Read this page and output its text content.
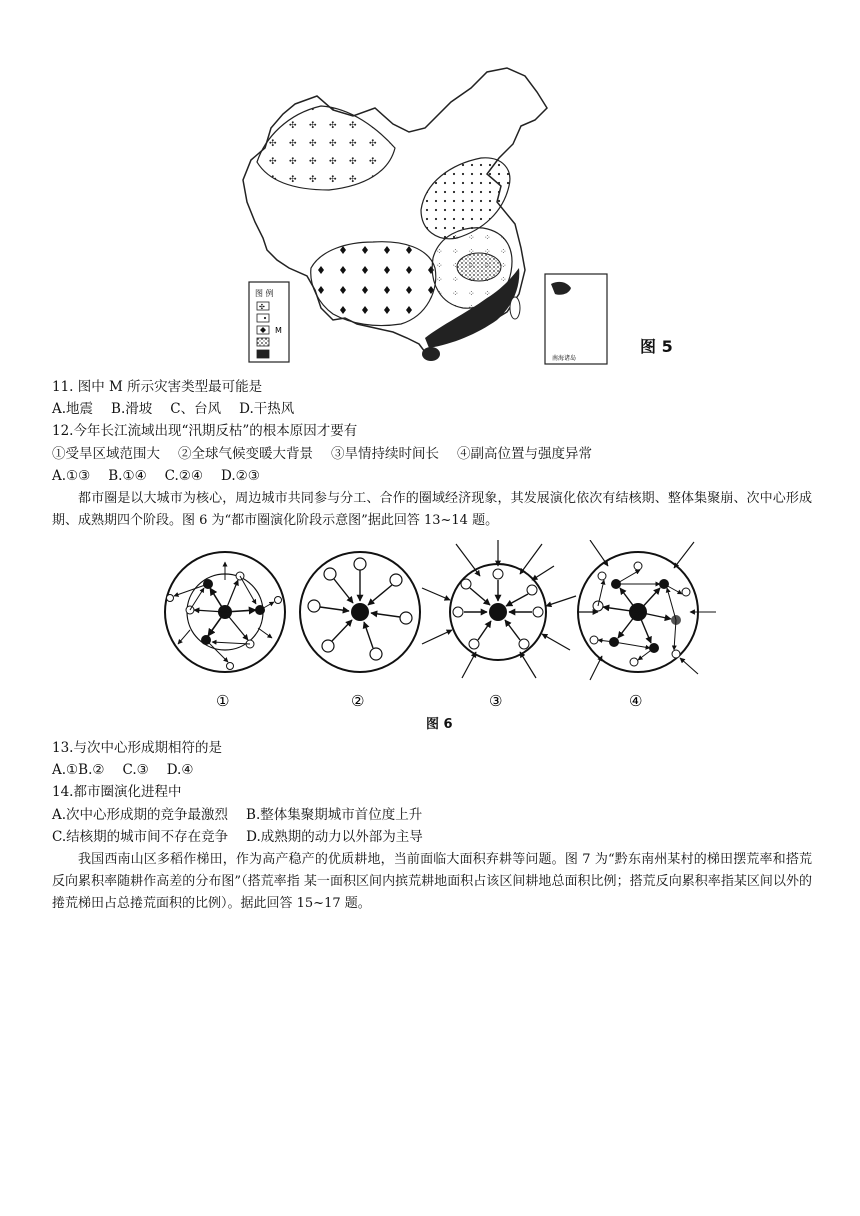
图 例
✣
M
南海诸岛
图 5
11. 图中 M 所示灾害类型最可能是
A.地震 B.滑坡 C、台风 D.干热风
12.今年长江流域出现“汛期反枯”的根本原因才要有
①受旱区域范围大 ②全球气候变暖大背景 ③旱情持续时间长 ④副高位置与强度异常
A.①③ B.①④ C.②④ D.②③
都市圈是以大城市为核心，周边城市共同参与分工、合作的圈域经济现象，其发展演化依次有结核期、整体集聚崩、次中心形成期、成熟期四个阶段。图 6 为“都市圈演化阶段示意图”据此回答 13~14 题。
①	②	③	④
图 6
13.与次中心形成期相符的是
A.①B.② C.③ D.④
14.都市圈演化进程中
A.次中心形成期的竞争最激烈 B.整体集聚期城市首位度上升
C.结核期的城市间不存在竞争 D.成熟期的动力以外部为主导
我国西南山区多稻作梯田，作为高产稳产的优质耕地，当前面临大面积弃耕等问题。图 7 为“黔东南州某村的梯田摆荒率和搭荒反向累积率随耕作高差的分布图”（搭荒率指 某一面积区间内摈荒耕地面积占该区间耕地总面积比例；搭荒反向累积率指某区间以外的捲荒梯田占总捲荒面积的比例）。据此回答 15~17 题。
